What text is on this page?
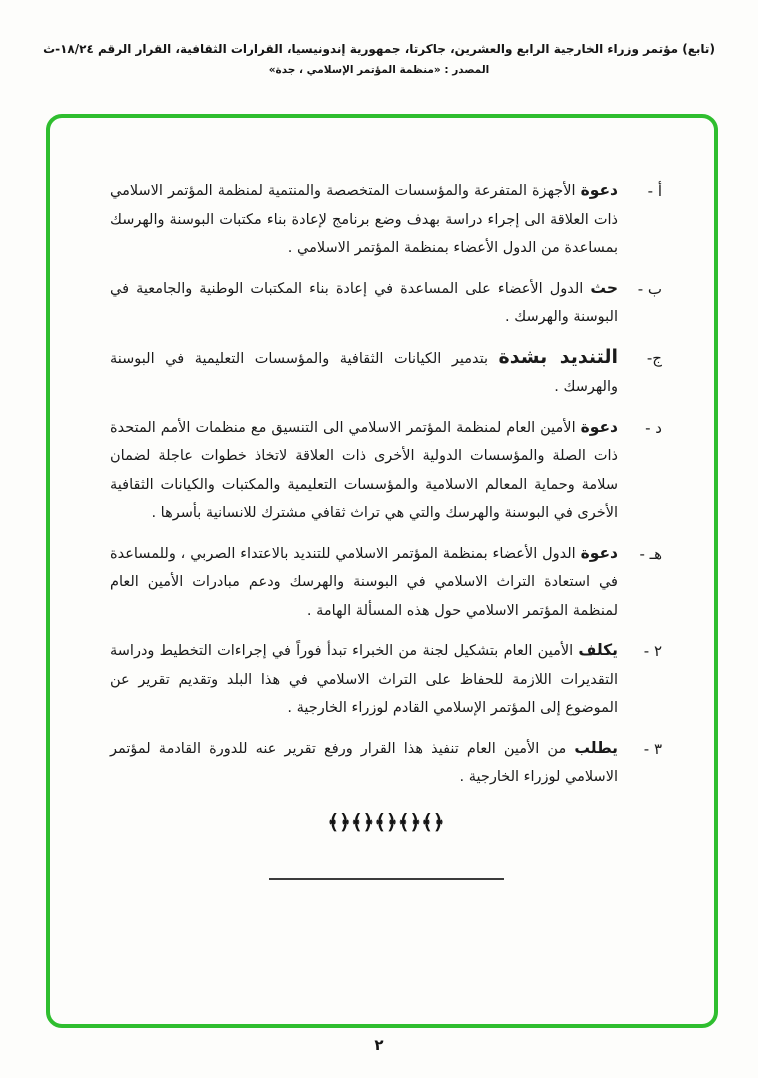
(تابع) مؤتمر وزراء الخارجية الرابع والعشرين، جاكرتا، جمهورية إندونيسيا، القرارات الثقافية، القرار الرقم ١٨/٢٤-ث
المصدر : «منظمة المؤتمر الإسلامي ، جدة»
أ -

دعوة الأجهزة المتفرعة والمؤسسات المتخصصة والمنتمية لمنظمة المؤتمر الاسلامي ذات العلاقة الى إجراء دراسة بهدف وضع برنامج لإعادة بناء مكتبات البوسنة والهرسك بمساعدة من الدول الأعضاء بمنظمة المؤتمر الاسلامي .

ب -

حث الدول الأعضاء على المساعدة في إعادة بناء المكتبات الوطنية والجامعية في البوسنة والهرسك .

ج-

التنديد بشدة بتدمير الكيانات الثقافية والمؤسسات التعليمية في البوسنة والهرسك .

د -

دعوة الأمين العام لمنظمة المؤتمر الاسلامي الى التنسيق مع منظمات الأمم المتحدة ذات الصلة والمؤسسات الدولية الأخرى ذات العلاقة لاتخاذ خطوات عاجلة لضمان سلامة وحماية المعالم الاسلامية والمؤسسات التعليمية والمكتبات والكيانات الثقافية الأخرى في البوسنة والهرسك والتي هي تراث ثقافي مشترك للانسانية بأسرها .

هـ -

دعوة الدول الأعضاء بمنظمة المؤتمر الاسلامي للتنديد بالاعتداء الصربي ، وللمساعدة في استعادة التراث الاسلامي في البوسنة والهرسك ودعم مبادرات الأمين العام لمنظمة المؤتمر الاسلامي حول هذه المسألة الهامة .

٢ -

يكلف الأمين العام بتشكيل لجنة من الخبراء تبدأ فوراً في إجراءات التخطيط ودراسة التقديرات اللازمة للحفاظ على التراث الاسلامي في هذا البلد وتقديم تقرير عن الموضوع إلى المؤتمر الإسلامي القادم لوزراء الخارجية .

٣ -

يطلب من الأمين العام تنفيذ هذا القرار ورفع تقرير عنه للدورة القادمة لمؤتمر الاسلامي لوزراء الخارجية .

﴿﴾﴿﴾﴿﴾﴿﴾﴿﴾
٢
